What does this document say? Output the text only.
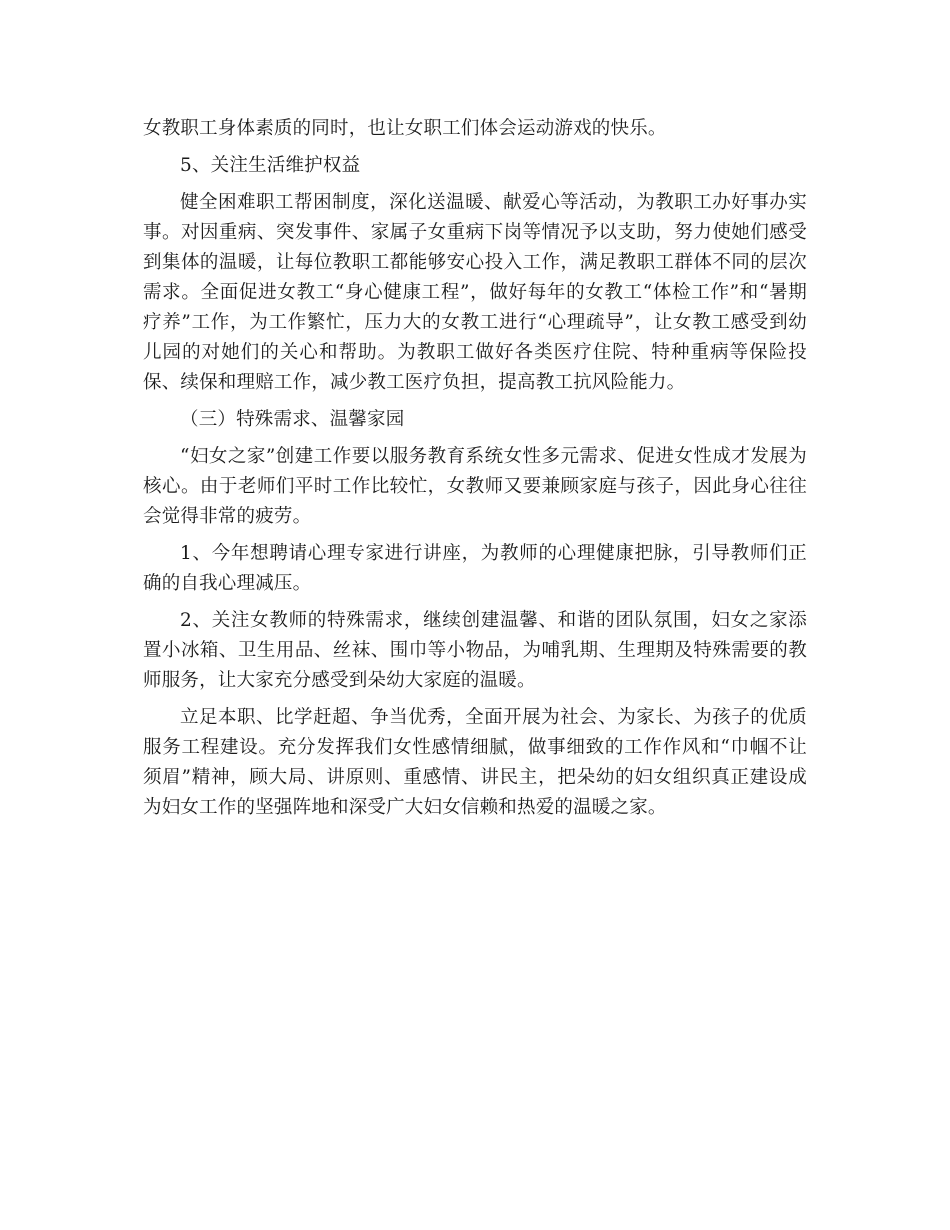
女教职工身体素质的同时，也让女职工们体会运动游戏的快乐。

5、关注生活维护权益

健全困难职工帮困制度，深化送温暖、献爱心等活动，为教职工办好事办实事。对因重病、突发事件、家属子女重病下岗等情况予以支助，努力使她们感受到集体的温暖，让每位教职工都能够安心投入工作，满足教职工群体不同的层次需求。全面促进女教工“身心健康工程”，做好每年的女教工“体检工作”和“暑期疗养”工作，为工作繁忙，压力大的女教工进行“心理疏导”，让女教工感受到幼儿园的对她们的关心和帮助。为教职工做好各类医疗住院、特种重病等保险投保、续保和理赔工作，减少教工医疗负担，提高教工抗风险能力。

（三）特殊需求、温馨家园

“妇女之家”创建工作要以服务教育系统女性多元需求、促进女性成才发展为核心。由于老师们平时工作比较忙，女教师又要兼顾家庭与孩子，因此身心往往会觉得非常的疲劳。

1、今年想聘请心理专家进行讲座，为教师的心理健康把脉，引导教师们正确的自我心理减压。

2、关注女教师的特殊需求，继续创建温馨、和谐的团队氛围，妇女之家添置小冰箱、卫生用品、丝袜、围巾等小物品，为哺乳期、生理期及特殊需要的教师服务，让大家充分感受到朵幼大家庭的温暖。

立足本职、比学赶超、争当优秀，全面开展为社会、为家长、为孩子的优质服务工程建设。充分发挥我们女性感情细腻，做事细致的工作作风和“巾帼不让须眉”精神，顾大局、讲原则、重感情、讲民主，把朵幼的妇女组织真正建设成为妇女工作的坚强阵地和深受广大妇女信赖和热爱的温暖之家。
